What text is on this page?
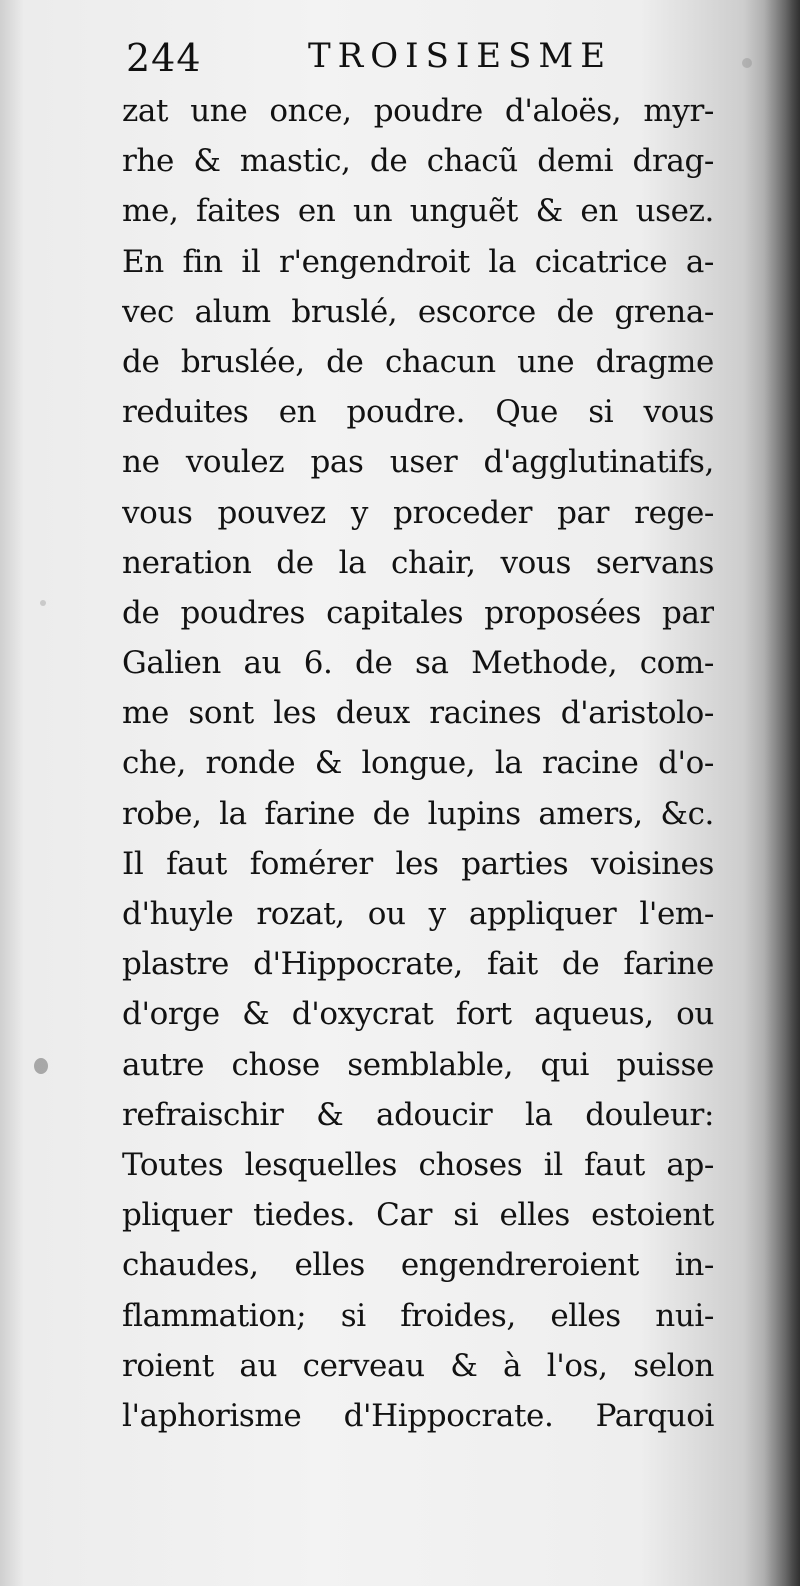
244	TROISIESME
zat une once, poudre d'aloës, myr-
rhe & mastic, de chacũ demi drag-
me, faites en un unguẽt & en usez.
En fin il r'engendroit la cicatrice a-
vec alum bruslé, escorce de grena-
de bruslée, de chacun une dragme
reduites en poudre. Que si vous
ne voulez pas user d'agglutinatifs,
vous pouvez y proceder par rege-
neration de la chair, vous servans
de poudres capitales proposées par
Galien au 6. de sa Methode, com-
me sont les deux racines d'aristolo-
che, ronde & longue, la racine d'o-
robe, la farine de lupins amers, &c.
Il faut fomérer les parties voisines
d'huyle rozat, ou y appliquer l'em-
plastre d'Hippocrate, fait de farine
d'orge & d'oxycrat fort aqueus, ou
autre chose semblable, qui puisse
refraischir & adoucir la douleur:
Toutes lesquelles choses il faut ap-
pliquer tiedes. Car si elles estoient
chaudes, elles engendreroient in-
flammation; si froides, elles nui-
roient au cerveau & à l'os, selon
l'aphorisme d'Hippocrate. Parquoi
